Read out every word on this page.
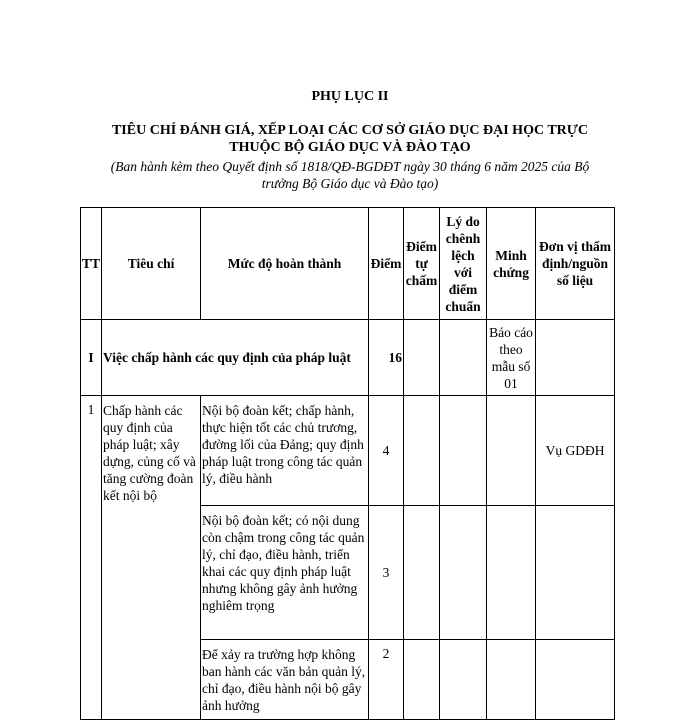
PHỤ LỤC II
TIÊU CHÍ ĐÁNH GIÁ, XẾP LOẠI CÁC CƠ SỞ GIÁO DỤC ĐẠI HỌC TRỰC
THUỘC BỘ GIÁO DỤC VÀ ĐÀO TẠO
(Ban hành kèm theo Quyết định số 1818/QĐ-BGDĐT ngày 30 tháng 6 năm 2025 của Bộ
trưởng Bộ Giáo dục và Đào tạo)
TT	Tiêu chí	Mức độ hoàn thành	Điểm	Điểm tự chấm	Lý do chênh lệch với điểm chuẩn	Minh chứng	Đơn vị thẩm định/nguồn số liệu
I	Việc chấp hành các quy định của pháp luật		16			Báo cáo theo mẫu số 01	
1	Chấp hành các quy định của pháp luật; xây dựng, củng cố và tăng cường đoàn kết nội bộ	Nội bộ đoàn kết; chấp hành, thực hiện tốt các chủ trương, đường lối của Đảng; quy định pháp luật trong công tác quản lý, điều hành	4				Vụ GDĐH
		Nội bộ đoàn kết; có nội dung còn chậm trong công tác quản lý, chỉ đạo, điều hành, triển khai các quy định pháp luật nhưng không gây ảnh hưởng nghiêm trọng	3				
		Để xảy ra trường hợp không ban hành các văn bản quản lý, chỉ đạo, điều hành nội bộ gây ảnh hưởng	2				
